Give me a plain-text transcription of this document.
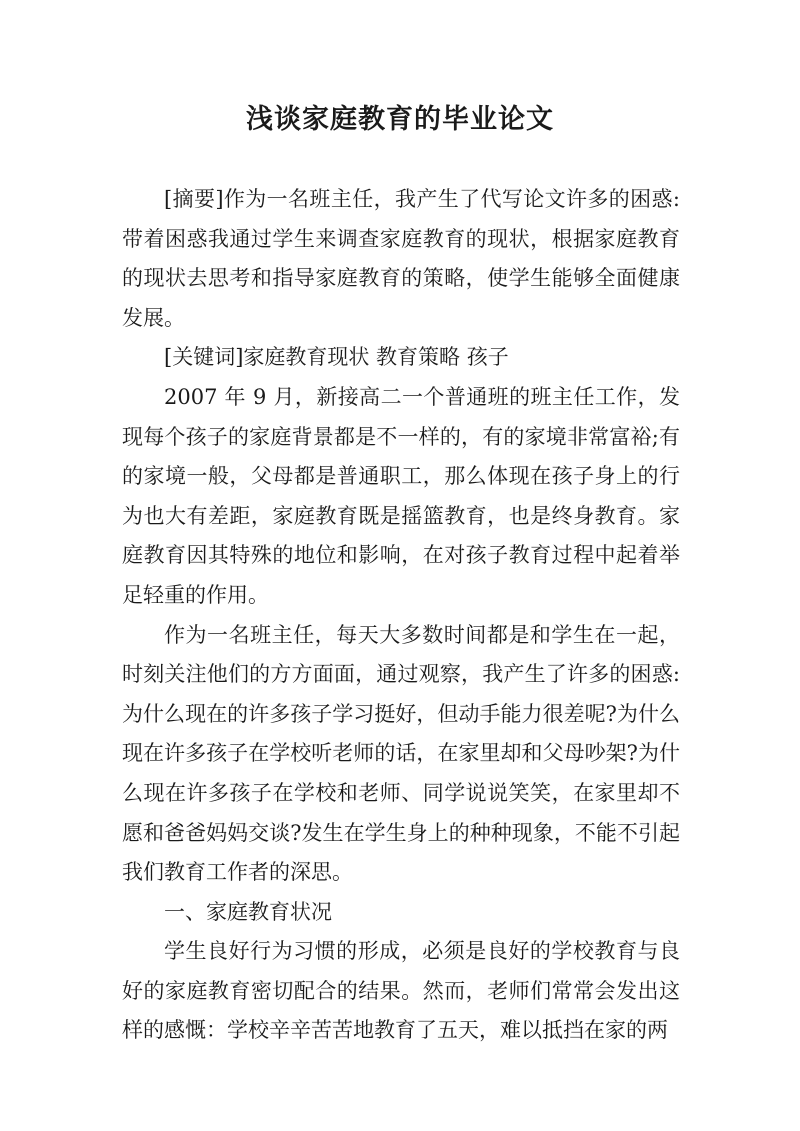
浅谈家庭教育的毕业论文

[摘要]作为一名班主任，我产生了代写论文许多的困惑:带着困惑我通过学生来调查家庭教育的现状，根据家庭教育的现状去思考和指导家庭教育的策略，使学生能够全面健康发展。

[关键词]家庭教育现状 教育策略 孩子

2007 年 9 月，新接高二一个普通班的班主任工作，发现每个孩子的家庭背景都是不一样的，有的家境非常富裕;有的家境一般，父母都是普通职工，那么体现在孩子身上的行为也大有差距，家庭教育既是摇篮教育，也是终身教育。家庭教育因其特殊的地位和影响，在对孩子教育过程中起着举足轻重的作用。

作为一名班主任，每天大多数时间都是和学生在一起，时刻关注他们的方方面面，通过观察，我产生了许多的困惑:为什么现在的许多孩子学习挺好，但动手能力很差呢?为什么现在许多孩子在学校听老师的话，在家里却和父母吵架?为什么现在许多孩子在学校和老师、同学说说笑笑，在家里却不愿和爸爸妈妈交谈?发生在学生身上的种种现象，不能不引起我们教育工作者的深思。

一、家庭教育状况

学生良好行为习惯的形成，必须是良好的学校教育与良好的家庭教育密切配合的结果。然而，老师们常常会发出这样的感慨：学校辛辛苦苦地教育了五天，难以抵挡在家的两
